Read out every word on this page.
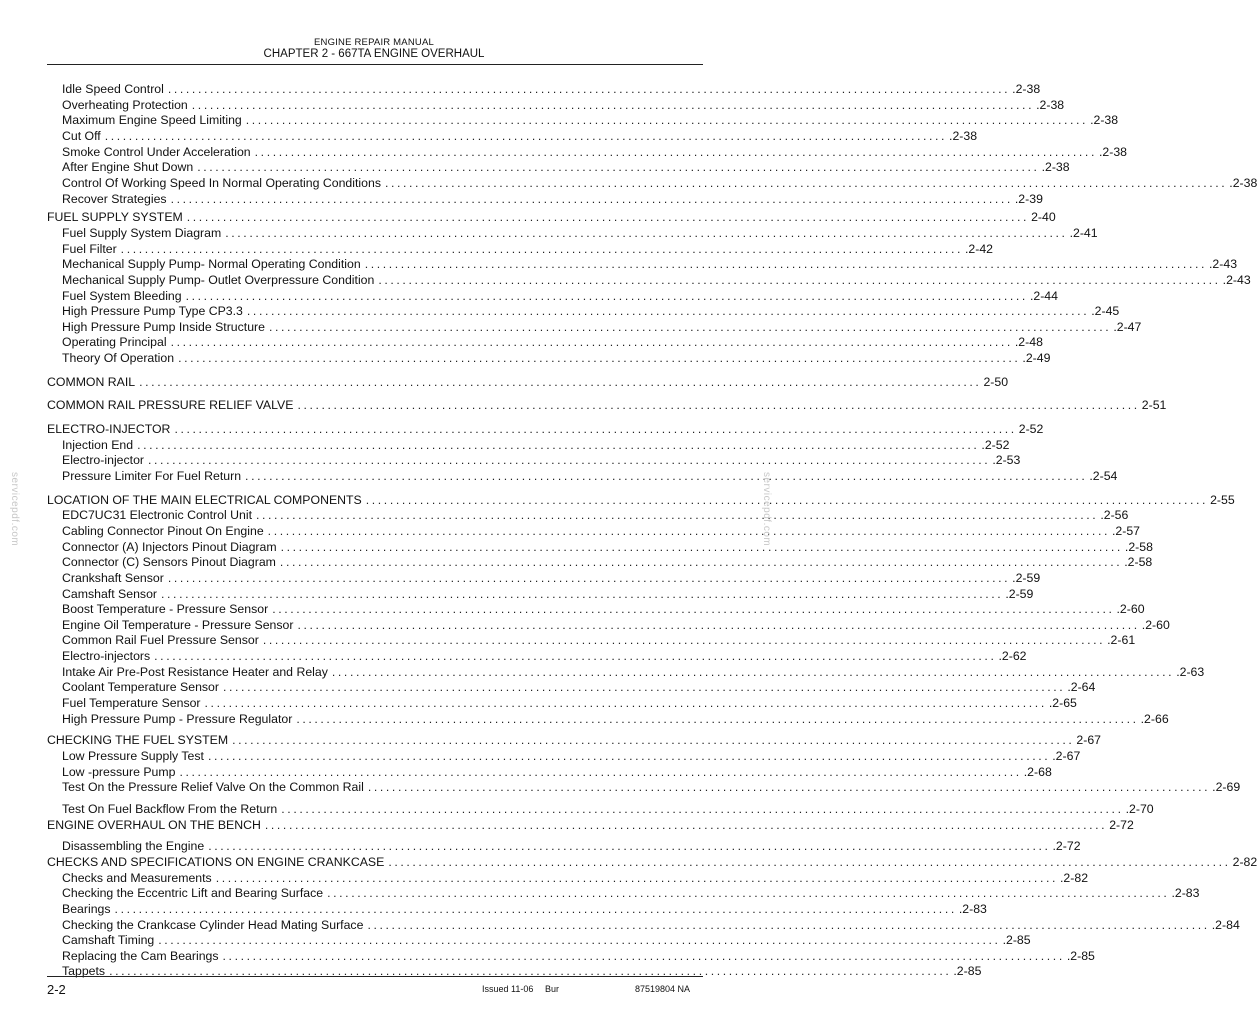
ENGINE REPAIR MANUAL
CHAPTER 2 - 667TA ENGINE OVERHAUL
Idle Speed Control ............................................................................................................................................ .2-38
Overheating Protection ............................................................................................................................................ .2-38
Maximum Engine Speed Limiting ............................................................................................................................................ .2-38
Cut Off ............................................................................................................................................ .2-38
Smoke Control Under Acceleration ............................................................................................................................................ .2-38
After Engine Shut Down ............................................................................................................................................ .2-38
Control Of Working Speed In Normal Operating Conditions ............................................................................................................................................ .2-38
Recover Strategies ............................................................................................................................................ .2-39
FUEL SUPPLY SYSTEM ............................................................................................................................................ 2-40
Fuel Supply System Diagram ............................................................................................................................................ .2-41
Fuel Filter ............................................................................................................................................ .2-42
Mechanical Supply Pump- Normal Operating Condition ............................................................................................................................................ .2-43
Mechanical Supply Pump- Outlet Overpressure Condition ............................................................................................................................................ .2-43
Fuel System Bleeding ............................................................................................................................................ .2-44
High Pressure Pump Type CP3.3 ............................................................................................................................................ .2-45
High Pressure Pump Inside Structure ............................................................................................................................................ .2-47
Operating Principal ............................................................................................................................................ .2-48
Theory Of Operation ............................................................................................................................................ .2-49
COMMON RAIL ............................................................................................................................................ 2-50
COMMON RAIL PRESSURE RELIEF VALVE ............................................................................................................................................ 2-51
ELECTRO-INJECTOR ............................................................................................................................................ 2-52
Injection End ............................................................................................................................................ .2-52
Electro-injector ............................................................................................................................................ .2-53
Pressure Limiter For Fuel Return ............................................................................................................................................ .2-54
LOCATION OF THE MAIN ELECTRICAL COMPONENTS ............................................................................................................................................ 2-55
EDC7UC31 Electronic Control Unit ............................................................................................................................................ .2-56
Cabling Connector Pinout On Engine ............................................................................................................................................ .2-57
Connector (A) Injectors Pinout Diagram ............................................................................................................................................ .2-58
Connector (C) Sensors Pinout Diagram ............................................................................................................................................ .2-58
Crankshaft Sensor ............................................................................................................................................ .2-59
Camshaft Sensor ............................................................................................................................................ .2-59
Boost Temperature - Pressure Sensor ............................................................................................................................................ .2-60
Engine Oil Temperature - Pressure Sensor ............................................................................................................................................ .2-60
Common Rail Fuel Pressure Sensor ............................................................................................................................................ .2-61
Electro-injectors ............................................................................................................................................ .2-62
Intake Air Pre-Post Resistance Heater and Relay ............................................................................................................................................ .2-63
Coolant Temperature Sensor ............................................................................................................................................ .2-64
Fuel Temperature Sensor ............................................................................................................................................ .2-65
High Pressure Pump - Pressure Regulator ............................................................................................................................................ .2-66
CHECKING THE FUEL SYSTEM ............................................................................................................................................ 2-67
Low Pressure Supply Test ............................................................................................................................................ .2-67
Low -pressure Pump ............................................................................................................................................ .2-68
Test On the Pressure Relief Valve On the Common Rail ............................................................................................................................................ .2-69
Test On Fuel Backflow From the Return ............................................................................................................................................ .2-70
ENGINE OVERHAUL ON THE BENCH ............................................................................................................................................ 2-72
Disassembling the Engine ............................................................................................................................................ .2-72
CHECKS AND SPECIFICATIONS ON ENGINE CRANKCASE ............................................................................................................................................ 2-82
Checks and Measurements ............................................................................................................................................ .2-82
Checking the Eccentric Lift and Bearing Surface ............................................................................................................................................ .2-83
Bearings ............................................................................................................................................ .2-83
Checking the Crankcase Cylinder Head Mating Surface ............................................................................................................................................ .2-84
Camshaft Timing ............................................................................................................................................ .2-85
Replacing the Cam Bearings ............................................................................................................................................ .2-85
Tappets ............................................................................................................................................ .2-85
servicepdf.com	servicepdf.com
2-2	Issued 11-06 Bur	87519804 NA
